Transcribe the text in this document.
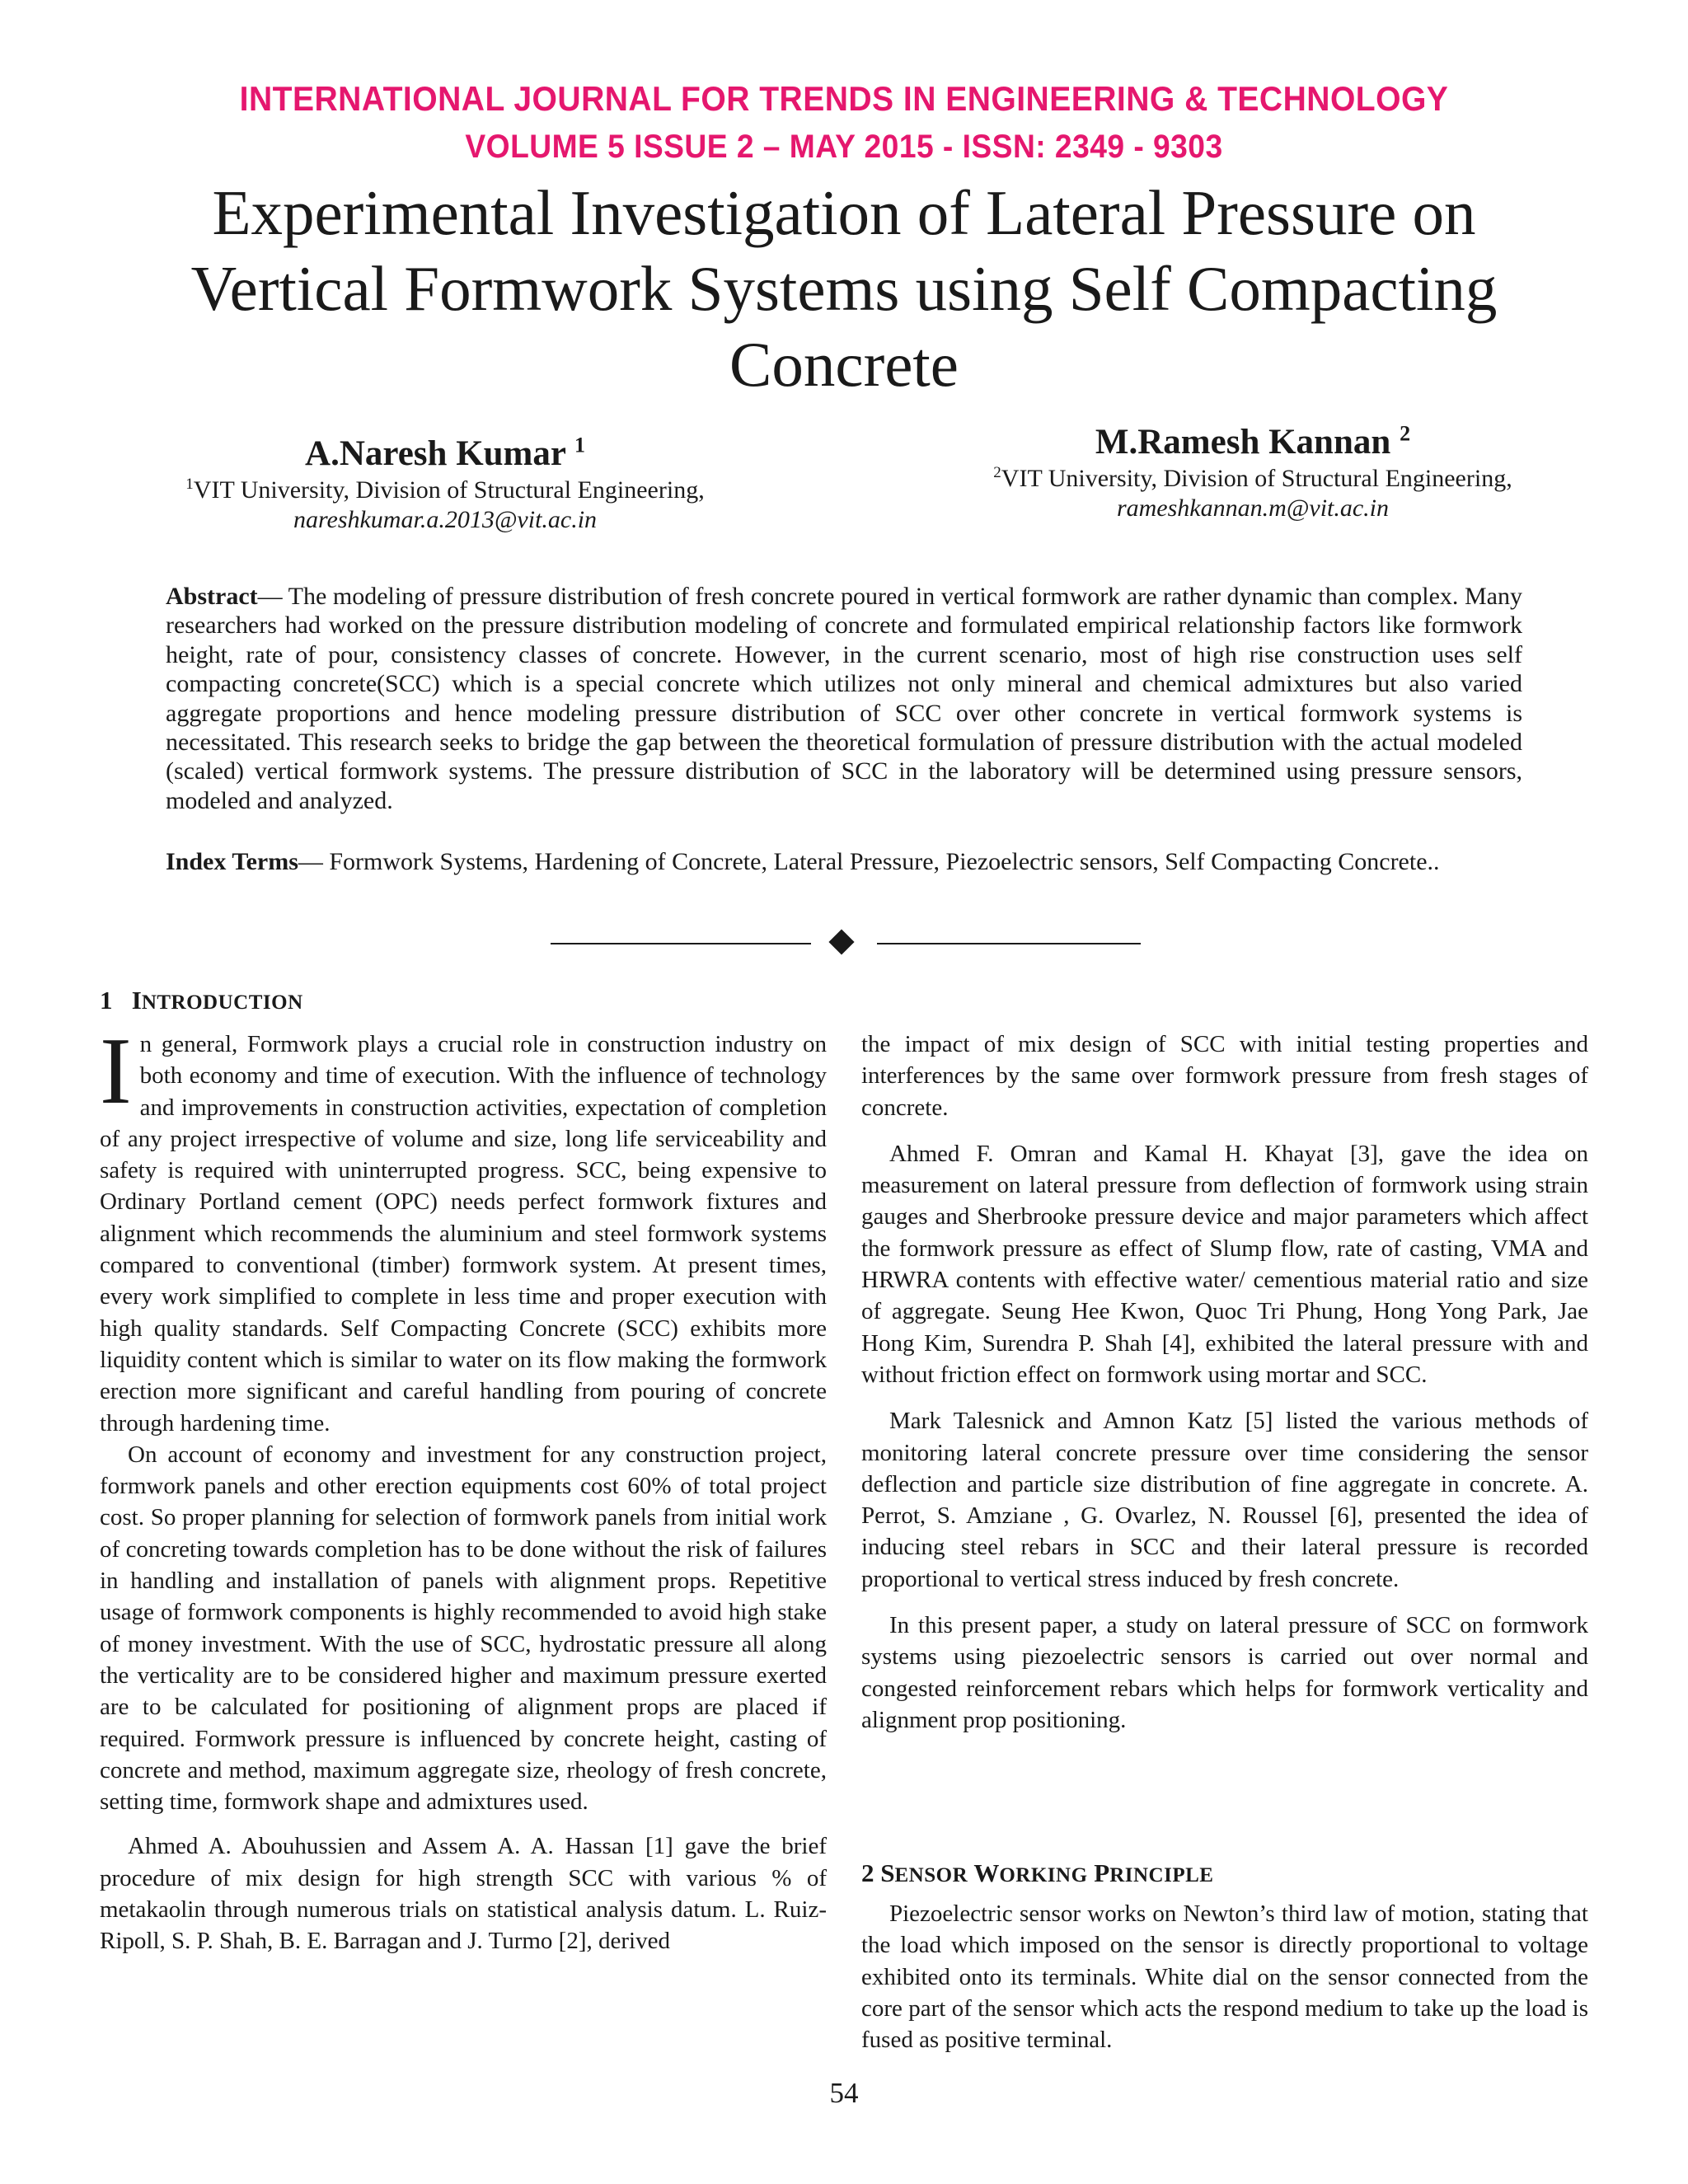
INTERNATIONAL JOURNAL FOR TRENDS IN ENGINEERING & TECHNOLOGY
VOLUME 5 ISSUE 2 – MAY 2015 - ISSN: 2349 - 9303
Experimental Investigation of Lateral Pressure on
Vertical Formwork Systems using Self Compacting
Concrete
A.Naresh Kumar $^1$
$^1$VIT University, Division of Structural Engineering,
nareshkumar.a.2013@vit.ac.in
M.Ramesh Kannan $^2$
$^2$VIT University, Division of Structural Engineering,
rameshkannan.m@vit.ac.in
Abstract— The modeling of pressure distribution of fresh concrete poured in vertical formwork are rather dynamic than complex. Many researchers had worked on the pressure distribution modeling of concrete and formulated empirical relationship factors like formwork height, rate of pour, consistency classes of concrete. However, in the current scenario, most of high rise construction uses self compacting concrete(SCC) which is a special concrete which utilizes not only mineral and chemical admixtures but also varied aggregate proportions and hence modeling pressure distribution of SCC over other concrete in vertical formwork systems is necessitated. This research seeks to bridge the gap between the theoretical formulation of pressure distribution with the actual modeled (scaled) vertical formwork systems. The pressure distribution of SCC in the laboratory will be determined using pressure sensors, modeled and analyzed.
Index Terms— Formwork Systems, Hardening of Concrete, Lateral Pressure, Piezoelectric sensors, Self Compacting Concrete..
1 INTRODUCTION

In general, Formwork plays a crucial role in construction industry on both economy and time of execution. With the influence of technology and improvements in construction activities, expectation of completion of any project irrespective of volume and size, long life serviceability and safety is required with uninterrupted progress. SCC, being expensive to Ordinary Portland cement (OPC) needs perfect formwork fixtures and alignment which recommends the aluminium and steel formwork systems compared to conventional (timber) formwork system. At present times, every work simplified to complete in less time and proper execution with high quality standards. Self Compacting Concrete (SCC) exhibits more liquidity content which is similar to water on its flow making the formwork erection more significant and careful handling from pouring of concrete through hardening time.

On account of economy and investment for any construction project, formwork panels and other erection equipments cost 60% of total project cost. So proper planning for selection of formwork panels from initial work of concreting towards completion has to be done without the risk of failures in handling and installation of panels with alignment props. Repetitive usage of formwork components is highly recommended to avoid high stake of money investment. With the use of SCC, hydrostatic pressure all along the verticality are to be considered higher and maximum pressure exerted are to be calculated for positioning of alignment props are placed if required. Formwork pressure is influenced by concrete height, casting of concrete and method, maximum aggregate size, rheology of fresh concrete, setting time, formwork shape and admixtures used.

Ahmed A. Abouhussien and Assem A. A. Hassan [1] gave the brief procedure of mix design for high strength SCC with various % of metakaolin through numerous trials on statistical analysis datum. L. Ruiz-Ripoll, S. P. Shah, B. E. Barragan and J. Turmo [2], derived

the impact of mix design of SCC with initial testing properties and interferences by the same over formwork pressure from fresh stages of concrete.

Ahmed F. Omran and Kamal H. Khayat [3], gave the idea on measurement on lateral pressure from deflection of formwork using strain gauges and Sherbrooke pressure device and major parameters which affect the formwork pressure as effect of Slump flow, rate of casting, VMA and HRWRA contents with effective water/ cementious material ratio and size of aggregate. Seung Hee Kwon, Quoc Tri Phung, Hong Yong Park, Jae Hong Kim, Surendra P. Shah [4], exhibited the lateral pressure with and without friction effect on formwork using mortar and SCC.

Mark Talesnick and Amnon Katz [5] listed the various methods of monitoring lateral concrete pressure over time considering the sensor deflection and particle size distribution of fine aggregate in concrete. A. Perrot, S. Amziane , G. Ovarlez, N. Roussel [6], presented the idea of inducing steel rebars in SCC and their lateral pressure is recorded proportional to vertical stress induced by fresh concrete.

In this present paper, a study on lateral pressure of SCC on formwork systems using piezoelectric sensors is carried out over normal and congested reinforcement rebars which helps for formwork verticality and alignment prop positioning.

2 SENSOR WORKING PRINCIPLE

Piezoelectric sensor works on Newton’s third law of motion, stating that the load which imposed on the sensor is directly proportional to voltage exhibited onto its terminals. White dial on the sensor connected from the core part of the sensor which acts the respond medium to take up the load is fused as positive terminal.

54
